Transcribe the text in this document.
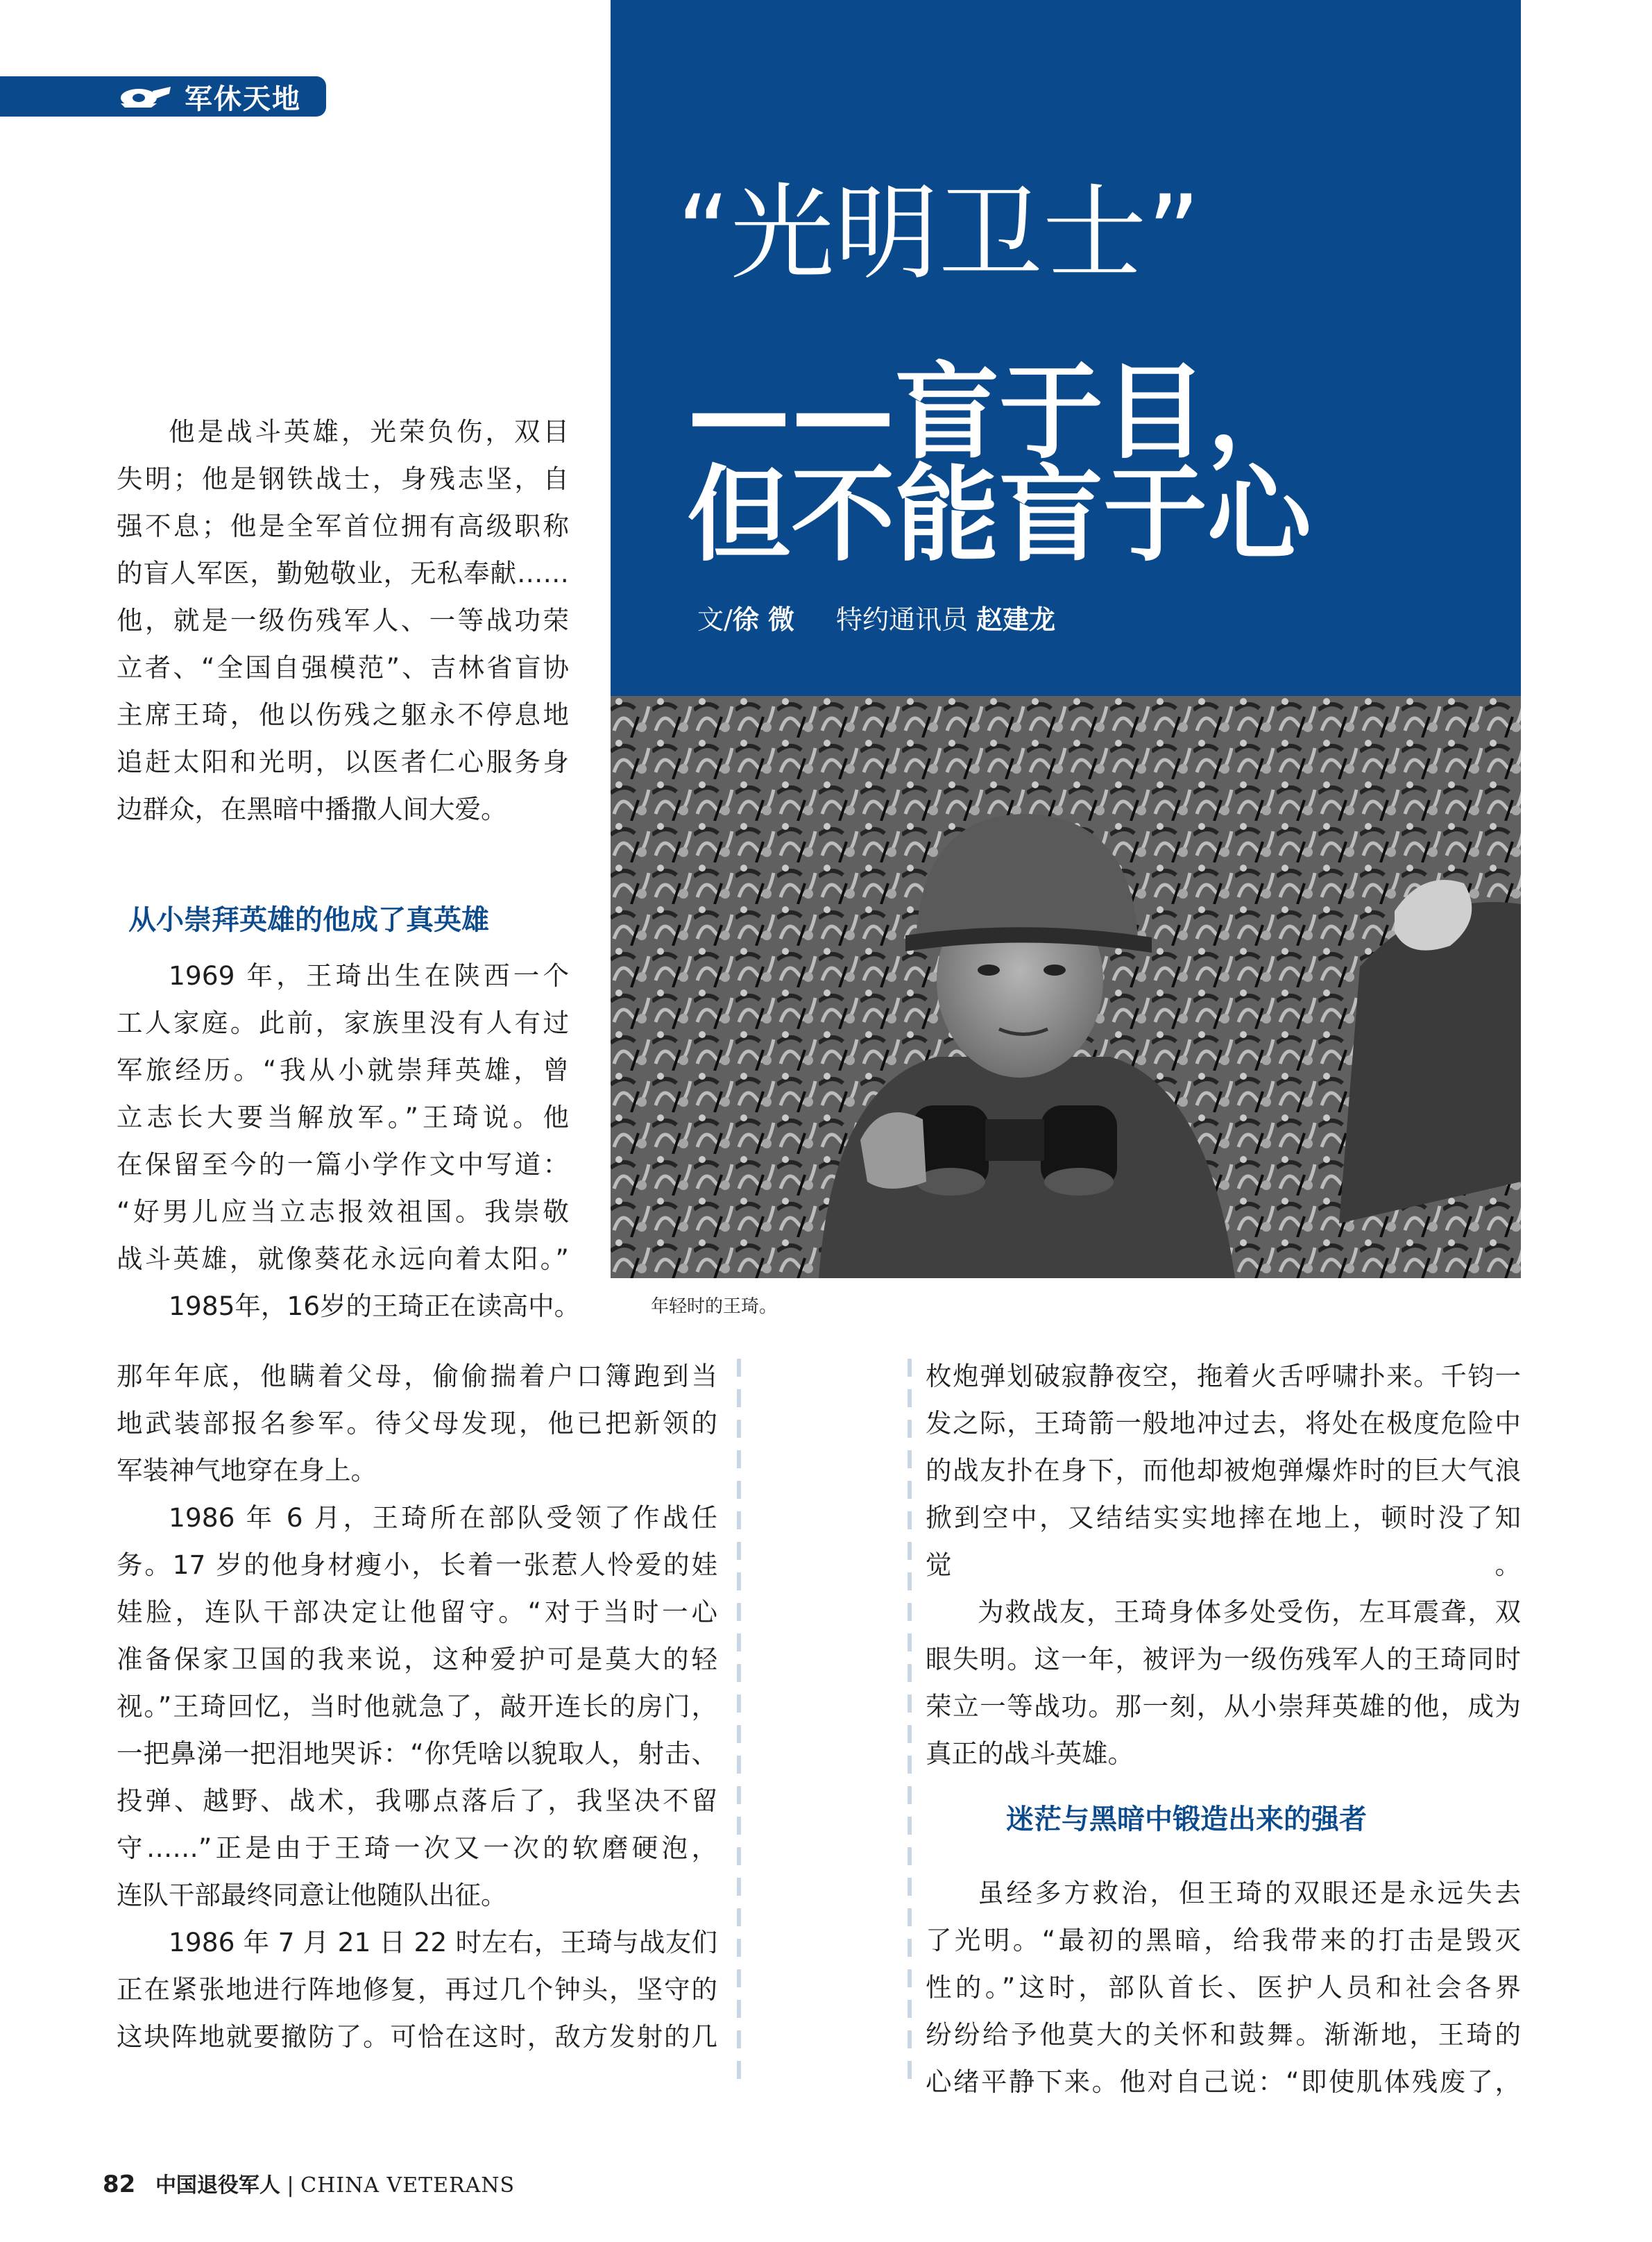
军休天地
“光明卫士”
——盲于目，
但不能盲于心
文/徐 微 特约通讯员 赵建龙
年轻时的王琦。
他是战斗英雄，光荣负伤，双目
失明；他是钢铁战士，身残志坚，自
强不息；他是全军首位拥有高级职称
的盲人军医，勤勉敬业，无私奉献……
他，就是一级伤残军人、一等战功荣
立者、“全国自强模范”、吉林省盲协
主席王琦，他以伤残之躯永不停息地
追赶太阳和光明，以医者仁心服务身
边群众，在黑暗中播撒人间大爱。
从小崇拜英雄的他成了真英雄
1969 年，王琦出生在陕西一个
工人家庭。此前，家族里没有人有过
军旅经历。“我从小就崇拜英雄，曾
立志长大要当解放军。”王琦说。他
在保留至今的一篇小学作文中写道：
“好男儿应当立志报效祖国。我崇敬
战斗英雄，就像葵花永远向着太阳。”
1985年，16岁的王琦正在读高中。
那年年底，他瞒着父母，偷偷揣着户口簿跑到当
地武装部报名参军。待父母发现，他已把新领的
军装神气地穿在身上。
1986 年 6 月，王琦所在部队受领了作战任
务。17 岁的他身材瘦小，长着一张惹人怜爱的娃
娃脸，连队干部决定让他留守。“对于当时一心
准备保家卫国的我来说，这种爱护可是莫大的轻
视。”王琦回忆，当时他就急了，敲开连长的房门，
一把鼻涕一把泪地哭诉：“你凭啥以貌取人，射击、
投弹、越野、战术，我哪点落后了，我坚决不留
守……”正是由于王琦一次又一次的软磨硬泡，
连队干部最终同意让他随队出征。
1986 年 7 月 21 日 22 时左右，王琦与战友们
正在紧张地进行阵地修复，再过几个钟头，坚守的
这块阵地就要撤防了。可恰在这时，敌方发射的几
枚炮弹划破寂静夜空，拖着火舌呼啸扑来。千钧一
发之际，王琦箭一般地冲过去，将处在极度危险中
的战友扑在身下，而他却被炮弹爆炸时的巨大气浪
掀到空中，又结结实实地摔在地上，顿时没了知觉。
为救战友，王琦身体多处受伤，左耳震聋，双
眼失明。这一年，被评为一级伤残军人的王琦同时
荣立一等战功。那一刻，从小崇拜英雄的他，成为
真正的战斗英雄。
虽经多方救治，但王琦的双眼还是永远失去
了光明。“最初的黑暗，给我带来的打击是毁灭
性的。”这时，部队首长、医护人员和社会各界
纷纷给予他莫大的关怀和鼓舞。渐渐地，王琦的
心绪平静下来。他对自己说：“即使肌体残废了，
迷茫与黑暗中锻造出来的强者
82 中国退役军人 | CHINA VETERANS
